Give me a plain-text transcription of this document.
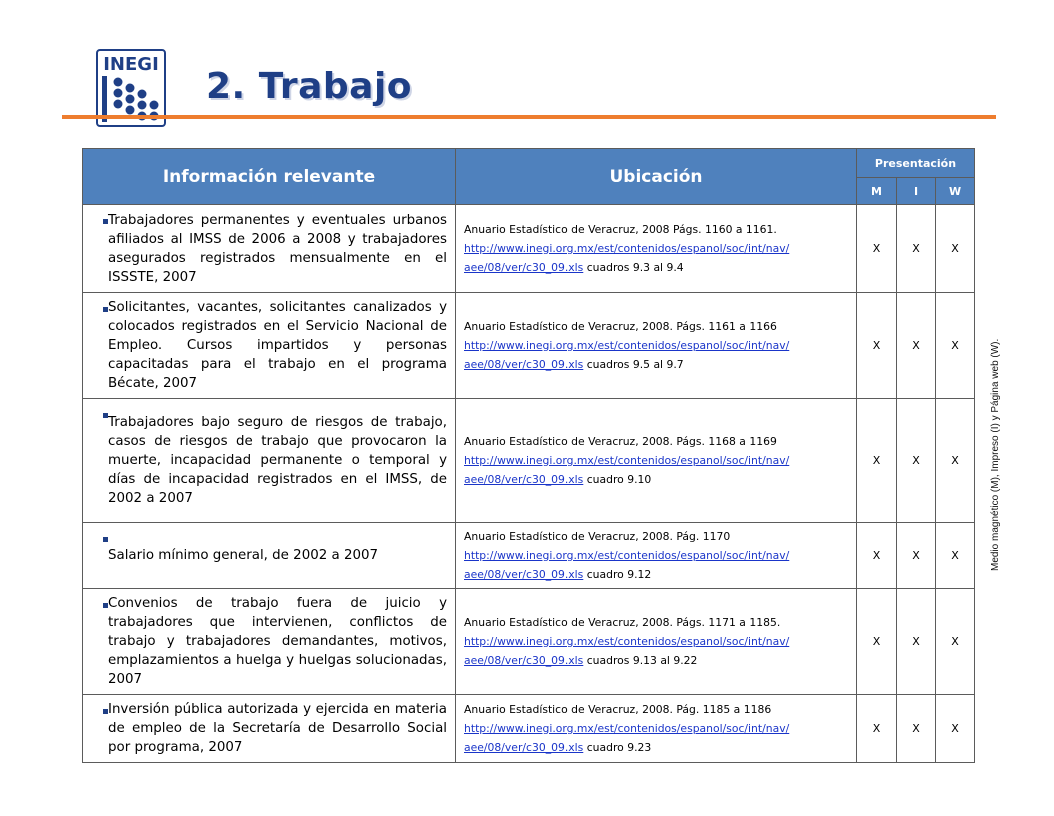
INEGI
2. Trabajo
Información relevante	Ubicación	Presentación		
		M	I	W

Trabajadores permanentes y eventuales urbanos afiliados al IMSS de 2006 a 2008 y trabajadores asegurados registrados mensualmente en el ISSSTE, 2007	Anuario Estadístico de Veracruz, 2008 Págs. 1160 a 1161.
http://www.inegi.org.mx/est/contenidos/espanol/soc/int/nav/
aee/08/ver/c30_09.xls cuadros 9.3 al 9.4	X	X	X

Solicitantes, vacantes, solicitantes canalizados y colocados registrados en el Servicio Nacional de Empleo. Cursos impartidos y personas capacitadas para el trabajo en el programa Bécate, 2007	Anuario Estadístico de Veracruz, 2008. Págs. 1161 a 1166
http://www.inegi.org.mx/est/contenidos/espanol/soc/int/nav/
aee/08/ver/c30_09.xls cuadros 9.5 al 9.7	X	X	X

Trabajadores bajo seguro de riesgos de trabajo, casos de riesgos de trabajo que provocaron la muerte, incapacidad permanente o temporal y días de incapacidad registrados en el IMSS, de 2002 a 2007	Anuario Estadístico de Veracruz, 2008. Págs. 1168 a 1169
http://www.inegi.org.mx/est/contenidos/espanol/soc/int/nav/
aee/08/ver/c30_09.xls cuadro 9.10	X	X	X

Salario mínimo general, de 2002 a 2007	Anuario Estadístico de Veracruz, 2008. Pág. 1170
http://www.inegi.org.mx/est/contenidos/espanol/soc/int/nav/
aee/08/ver/c30_09.xls cuadro 9.12	X	X	X

Convenios de trabajo fuera de juicio y trabajadores que intervienen, conflictos de trabajo y trabajadores demandantes, motivos, emplazamientos a huelga y huelgas solucionadas, 2007	Anuario Estadístico de Veracruz, 2008. Págs. 1171 a 1185.
http://www.inegi.org.mx/est/contenidos/espanol/soc/int/nav/
aee/08/ver/c30_09.xls cuadros 9.13 al 9.22	X	X	X

Inversión pública autorizada y ejercida en materia de empleo de la Secretaría de Desarrollo Social por programa, 2007	Anuario Estadístico de Veracruz, 2008. Pág. 1185 a 1186
http://www.inegi.org.mx/est/contenidos/espanol/soc/int/nav/
aee/08/ver/c30_09.xls cuadro 9.23	X	X	X
Medio magnético (M), Impreso (I) y Página web (W).
